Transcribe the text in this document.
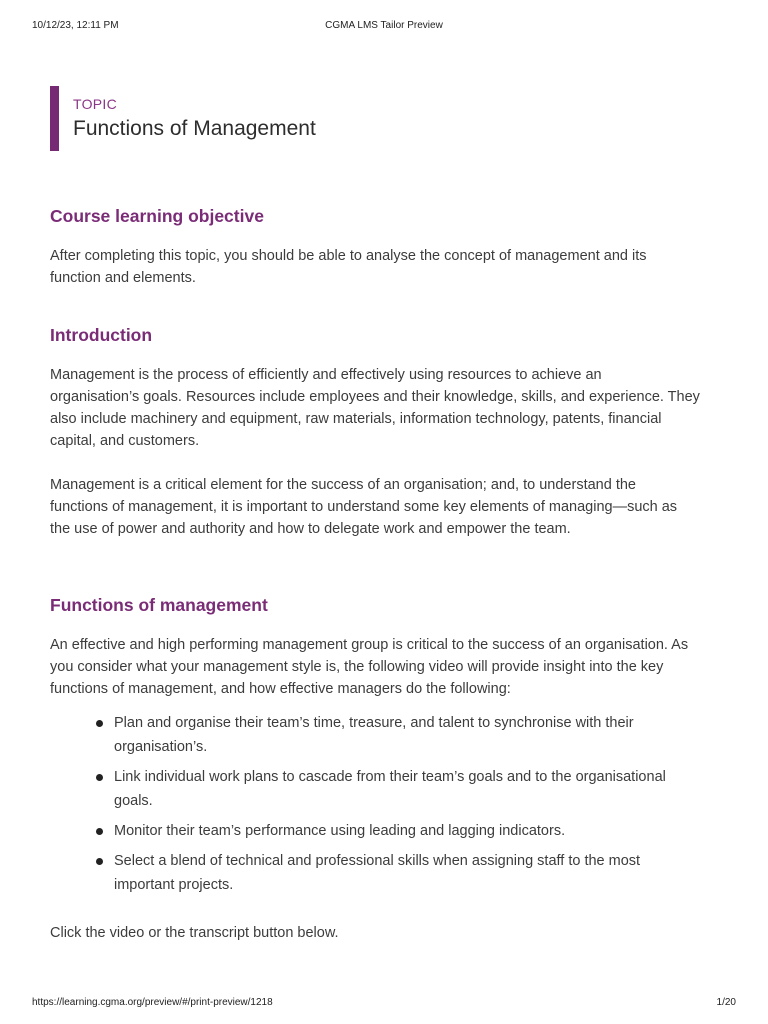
10/12/23, 12:11 PM	CGMA LMS Tailor Preview
TOPIC
Functions of Management
Course learning objective

After completing this topic, you should be able to analyse the concept of management and its

function and elements.

Introduction

Management is the process of efficiently and effectively using resources to achieve an

organisation’s goals. Resources include employees and their knowledge, skills, and experience. They

also include machinery and equipment, raw materials, information technology, patents, financial

capital, and customers.

Management is a critical element for the success of an organisation; and, to understand the

functions of management, it is important to understand some key elements of managing—such as

the use of power and authority and how to delegate work and empower the team.

Functions of management

An effective and high performing management group is critical to the success of an organisation. As

you consider what your management style is, the following video will provide insight into the key

functions of management, and how effective managers do the following:

Plan and organise their team’s time, treasure, and talent to synchronise with their
organisation’s.
Link individual work plans to cascade from their team’s goals and to the organisational
goals.
Monitor their team’s performance using leading and lagging indicators.
Select a blend of technical and professional skills when assigning staff to the most
important projects.

Click the video or the transcript button below.

https://learning.cgma.org/preview/#/print-preview/1218	1/20
